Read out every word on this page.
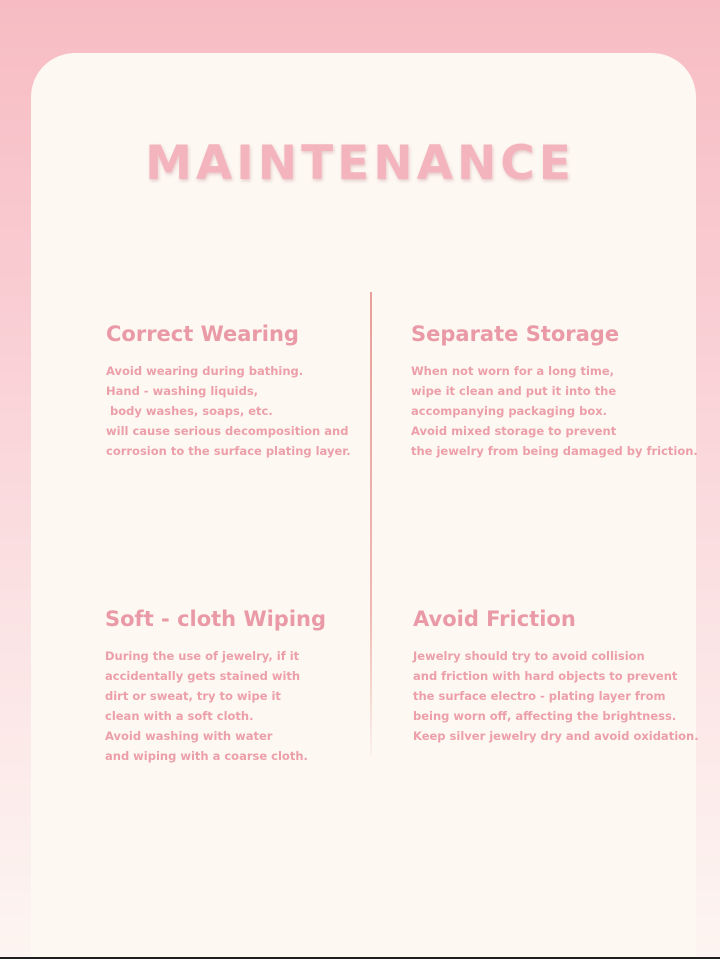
MAINTENANCE
Correct Wearing
Avoid wearing during bathing.
Hand - washing liquids,
body washes, soaps, etc.
will cause serious decomposition and
corrosion to the surface plating layer.
Separate Storage
When not worn for a long time,
wipe it clean and put it into the
accompanying packaging box.
Avoid mixed storage to prevent
the jewelry from being damaged by friction.
Soft - cloth Wiping
During the use of jewelry, if it
accidentally gets stained with
dirt or sweat, try to wipe it
clean with a soft cloth.
Avoid washing with water
and wiping with a coarse cloth.
Avoid Friction
Jewelry should try to avoid collision
and friction with hard objects to prevent
the surface electro - plating layer from
being worn off, affecting the brightness.
Keep silver jewelry dry and avoid oxidation.
